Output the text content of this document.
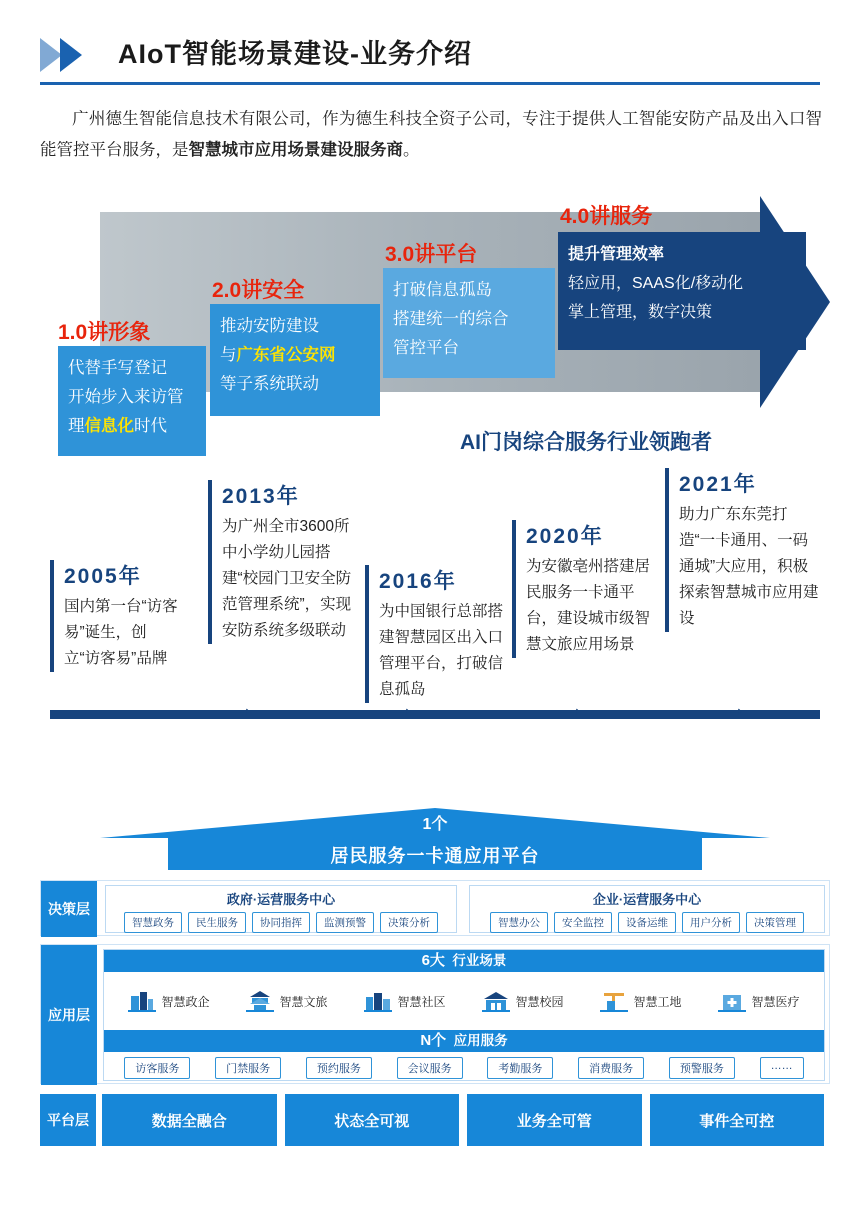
AIoT智能场景建设-业务介绍
广州德生智能信息技术有限公司，作为德生科技全资子公司，专注于提供人工智能安防产品及出入口智能管控平台服务，是智慧城市应用场景建设服务商。
1.0讲形象
代替手写登记
开始步入来访管
理信息化时代
2.0讲安全
推动安防建设
与广东省公安网
等子系统联动
3.0讲平台
打破信息孤岛
搭建统一的综合
管控平台
4.0讲服务
提升管理效率
轻应用，SAAS化/移动化
掌上管理，数字决策
AI门岗综合服务行业领跑者
2005年
国内第一台“访客易”诞生，创立“访客易”品牌
2013年
为广州全市3600所中小学幼儿园搭建“校园门卫安全防范管理系统”，实现安防系统多级联动
2016年
为中国银行总部搭建智慧园区出入口管理平台，打破信息孤岛
2020年
为安徽亳州搭建居民服务一卡通平台，建设城市级智慧文旅应用场景
2021年
助力广东东莞打造“一卡通用、一码通城”大应用，积极探索智慧城市应用建设
⟶	⟶	⟶	⟶
1个
居民服务一卡通应用平台
决策层
政府·运营服务中心
智慧政务	民生服务	协同指挥	监测预警	决策分析
企业·运营服务中心
智慧办公	安全监控	设备运维	用户分析	决策管理
应用层
6大 行业场景
智慧政企	智慧文旅	智慧社区	智慧校园	智慧工地	智慧医疗
N个 应用服务
访客服务	门禁服务	预约服务	会议服务	考勤服务	消费服务	预警服务	……
平台层	数据全融合	状态全可视	业务全可管	事件全可控
